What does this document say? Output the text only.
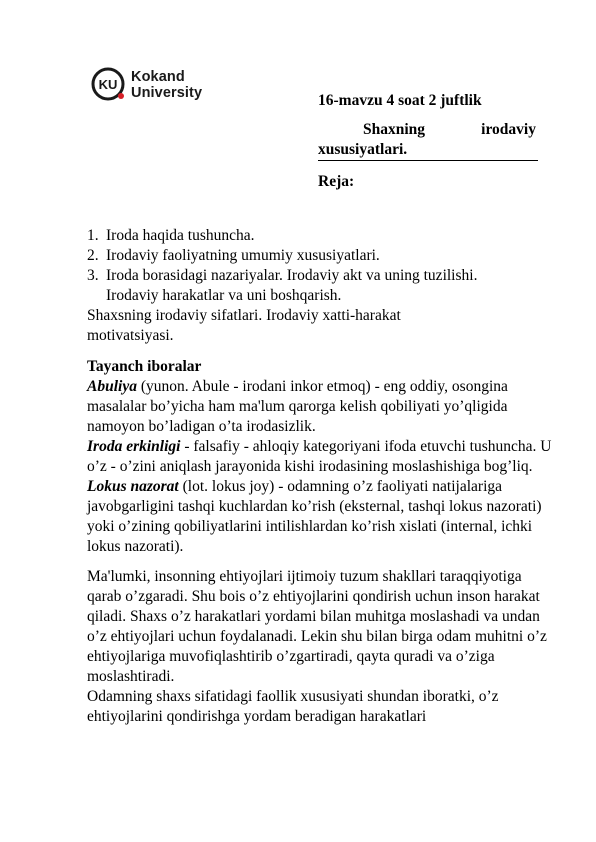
KU Kokand
University	16-mavzu 4 soat 2 juftlik
Shaxning	irodaviy
xususiyatlari.
Reja:
1. Iroda haqida tushuncha.
2. Irodaviy faoliyatning umumiy xususiyatlari.
3. Iroda borasidagi nazariyalar. Irodaviy akt va uning tuzilishi.
Irodaviy harakatlar va uni boshqarish.
Shaxsning irodaviy sifatlari. Irodaviy xatti-harakat
motivatsiyasi.

Tayanch iboralar

Abuliya (yunon. Abule - irodani inkor etmoq) - eng oddiy, osongina masalalar bo’yicha ham ma'lum qarorga kelish qobiliyati yo’qligida namoyon bo’ladigan o’ta irodasizlik.

Iroda erkinligi - falsafiy - ahloqiy kategoriyani ifoda etuvchi tushuncha. U o’z - o’zini aniqlash jarayonida kishi irodasining moslashishiga bog’liq.

Lokus nazorat (lot. lokus joy) - odamning o’z faoliyati natijalariga javobgarligini tashqi kuchlardan ko’rish (eksternal, tashqi lokus nazorati) yoki o’zining qobiliyatlarini intilishlardan ko’rish xislati (internal, ichki lokus nazorati).

Ma'lumki, insonning ehtiyojlari ijtimoiy tuzum shakllari taraqqiyotiga qarab o’zgaradi. Shu bois o’z ehtiyojlarini qondirish uchun inson harakat qiladi. Shaxs o’z harakatlari yordami bilan muhitga moslashadi va undan o’z ehtiyojlari uchun foydalanadi. Lekin shu bilan birga odam muhitni o’z ehtiyojlariga muvofiqlashtirib o’zgartiradi, qayta quradi va o’ziga moslashtiradi.

Odamning shaxs sifatidagi faollik xususiyati shundan iboratki, o’z ehtiyojlarini qondirishga yordam beradigan harakatlari
